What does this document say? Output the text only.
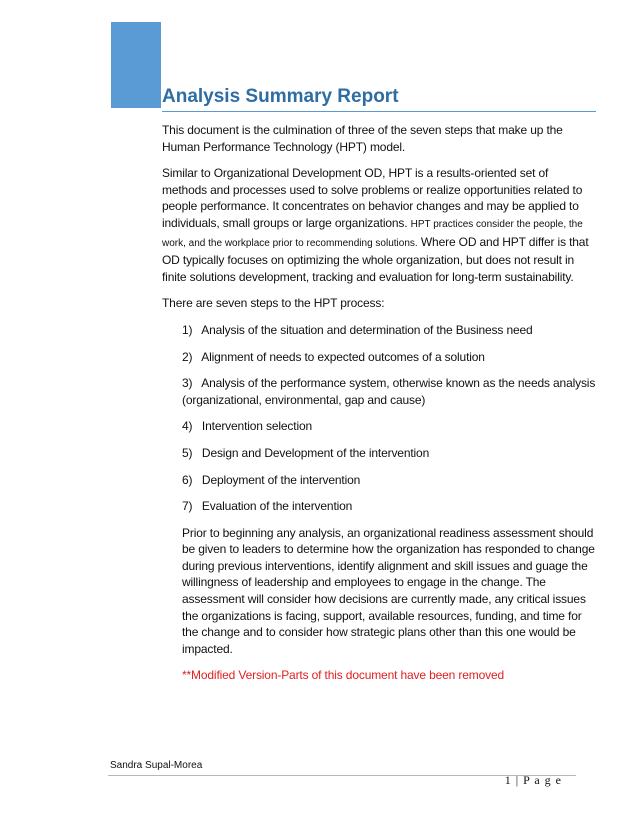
Analysis Summary Report

This document is the culmination of three of the seven steps that make up the Human Performance Technology (HPT) model.

Similar to Organizational Development OD, HPT is a results-oriented set of methods and processes used to solve problems or realize opportunities related to people performance. It concentrates on behavior changes and may be applied to individuals, small groups or large organizations. HPT practices consider the people, the work, and the workplace prior to recommending solutions. Where OD and HPT differ is that OD typically focuses on optimizing the whole organization, but does not result in finite solutions development, tracking and evaluation for long-term sustainability.

There are seven steps to the HPT process:

1)   Analysis of the situation and determination of the Business need
2)   Alignment of needs to expected outcomes of a solution
3)   Analysis of the performance system, otherwise known as the needs analysis (organizational, environmental, gap and cause)
4)   Intervention selection
5)   Design and Development of the intervention
6)   Deployment of the intervention
7)   Evaluation of the intervention

Prior to beginning any analysis, an organizational readiness assessment should be given to leaders to determine how the organization has responded to change during previous interventions, identify alignment and skill issues and guage the willingness of leadership and employees to engage in the change. The assessment will consider how decisions are currently made, any critical issues the organizations is facing, support, available resources, funding, and time for the change and to consider how strategic plans other than this one would be impacted.

**Modified Version-Parts of this document have been removed

Sandra Supal-Morea
1 | P a g e
